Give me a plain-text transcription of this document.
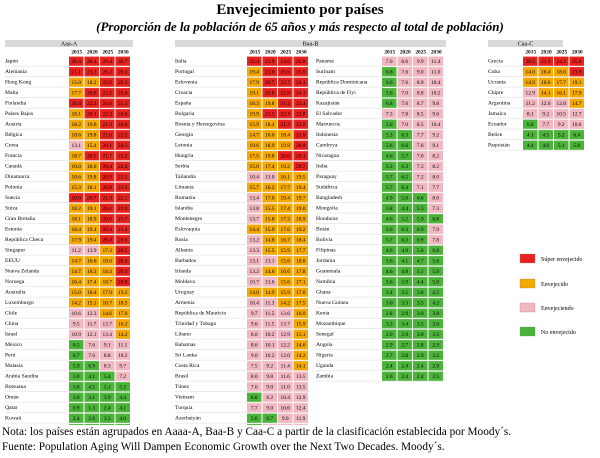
Envejecimiento por países
(Proporción de la población de 65 años y más respecto al total de población)
Aaa-A
2015 2020 2025 2030
Japón	26.4 28.4 29.4 30.7
Alemania	21.1 23.1 26.2 29.1
Hong Kong	15.0 18.2 22.0 26.3
Malta	17.7 20.8 23.2 25.6
Finlandia	20.4 22.3 24.0 25.2
Países Bajos	18.1 20.1 22.3 24.6
Austria	18.2 19.6 21.3 24.6
Bélgica	18.6 19.8 21.6 23.2
Corea	13.1 15.4 20.1 24.3
Francia	18.7 20.5 21.7 23.2
Canadá	16.0 18.0 20.4 22.4
Dinamarca	18.6 19.8 20.9 22.1
Polonia	15.3 18.1 20.8 21.3
Suecia	20.0 20.7 21.3 22.1
Suiza	18.2 19.1 20.2 21.9
Gran Bretaña	18.1 18.9 20.0 21.7
Estonia	18.4 19.4 20.4 21.4
República Checa	17.9 19.4 20.4 20.6
Singapur	11.2 13.9 17.3 20.5
EEUU	14.7 16.6 18.6 20.3
Nueva Zelanda	14.7 16.3 18.4 20.3
Noruega	16.4 17.4 18.7 20.0
Australia	15.0 16.4 17.9 19.2
Luxemburgo	14.2 15.1 16.7 18.5
Chile	10.6 12.3 14.6 17.6
China	9.5 11.7 13.7 16.2
Israel	10.9 12.1 13.4 14.2
México	6.5 7.6 9.1 11.1
Perú	6.7 7.6 8.8 10.2
Malasia	5.9 6.9 8.3 9.7
Arabia Saudita	3.0 4.1 5.4 7.2
Botsuana	3.8 4.5 5.1 5.2
Omán	3.0 3.1 3.9 4.4
Qatar	0.9 1.3 2.4 4.1
Kuwait	2.4 2.6 3.3 4.0
Baa-B
2015 2020 2025 2030
Italia	22.4 23.9 24.6 26.8
Portugal	19.4 21.0 23.6 25.0
Eslovenia	17.9 20.7 22.7 24.1
Croacia	19.1 20.8 22.9 24.1
España	18.3 19.8 21.4 23.4
Bulgaria	19.9 21.5 22.4 22.8
Bosnia y Herzegovina	15.9 18.4 21.3 22.9
Georgia	14.7 16.0 18.4 21.0
Letonia	19.6 18.9 19.9 20.9
Hungría	17.5 19.8 20.0 20.1
Serbia	15.0 17.4 19.2 20.7
Tailandia	10.4 13.0 16.1 19.5
Lituania	15.7 16.2 17.7 19.4
Rumania	13.4 17.0 19.4 19.7
Islandia	13.8 15.5 17.4 19.0
Montenegro	13.7 15.8 17.3 18.9
Eslovaquia	14.4 15.9 17.6 19.2
Rusia	13.2 14.8 16.7 18.4
Albania	13.3 15.5 15.9 17.7
Barbados	13.1 13.1 15.6 18.0
Irlanda	13.2 14.6 16.6 17.8
Moldava	10.7 13.6 15.6 17.1
Uruguay	14.0 14.9 15.9 17.0
Armenia	10.4 11.3 14.2 17.5
República de Mauricio	9.7 11.5 13.6 16.0
Trinidad y Tobago	9.6 11.5 13.7 15.9
Líbano	8.0 10.2 12.9 15.1
Bahamas	8.6 10.1 12.2 14.6
Sri Lanka	9.0 10.2 12.0 14.2
Costa Rica	7.5 9.2 11.4 14.1
Brasil	8.0 9.8 11.6 13.5
Túnez	7.6 9.0 11.0 13.5
Vietnam	6.8 8.2 10.4 12.9
Turquía	7.7 9.0 10.6 12.4
Azerbaiyán	5.6 6.7 9.0 11.9
2015 2020 2025 2030
Panamá	7.6 8.6 9.9 11.4
Surinam	6.8 7.6 9.0 11.0
República Dominicana	6.6 7.6 8.9 10.4
República de Fiyi	5.6 7.0 8.8 10.2
Kazajistán	6.8 7.6 8.7 9.8
El Salvador	7.3 7.8 8.5 9.6
Marruecos	5.6 7.0 8.5 10.4
Indonesia	5.3 6.3 7.7 9.2
Cambyya	5.6 6.6 7.6 9.1
Nicaragua	4.6 5.7 7.0 8.2
India	5.3 6.3 7.3 8.2
Paraguay	5.7 6.5 7.2 8.0
Sudáfrica	5.7 6.4 7.1 7.7
Bangladesh	4.9 5.6 6.6 8.0
Mongolia	3.8 4.4 5.3 7.3
Honduras	4.6 5.2 5.9 6.8
Bután	5.6 6.3 6.9 7.9
Bolivia	5.7 6.3 6.9 7.8
Filipinas	4.6 4.9 5.6 6.8
Jordania	3.6 4.1 4.7 5.6
Guatemala	4.6 4.8 5.1 5.9
Namibia	3.6 3.9 4.4 5.0
Ghana	3.4 3.5 3.8 4.2
Nueva Guinea	3.0 3.3 3.5 4.2
Kenia	2.8 2.9 3.0 3.8
Mozambique	3.3 3.4 3.5 3.6
Senegal	2.9 2.9 3.0 3.3
Angola	2.9 2.7 2.8 2.9
Nigeria	2.7 2.8 2.9 3.2
Uganda	2.4 2.4 2.4 2.9
Zambia	2.6 2.4 2.4 2.5
Caa-C
2015 2020 2025 2030
Grecia	20.5 21.9 24.2 25.9
Cuba	14.0 16.4 18.6 23.9
Ucrania	14.9 16.6 17.7 19.1
Chipre	12.9 14.1 16.1 17.9
Argentina	11.2 12.0 12.8 14.7
Jamaica	8.1 9.2 10.5 12.7
Ecuador	6.8 7.7 9.2 10.6
Belice	4.1 4.5 5.2 6.4
Paquistán	4.4 4.6 5.1 5.8
Súper envejecido
Envejecido
Envejeciendo
No envejecido
Nota: los países están agrupados en Aaaa-A, Baa-B y Caa-C a partir de la clasificación establecida por Moody´s.
Fuente: Population Aging Will Dampen Economic Growth over the Next Two Decades. Moody´s.
